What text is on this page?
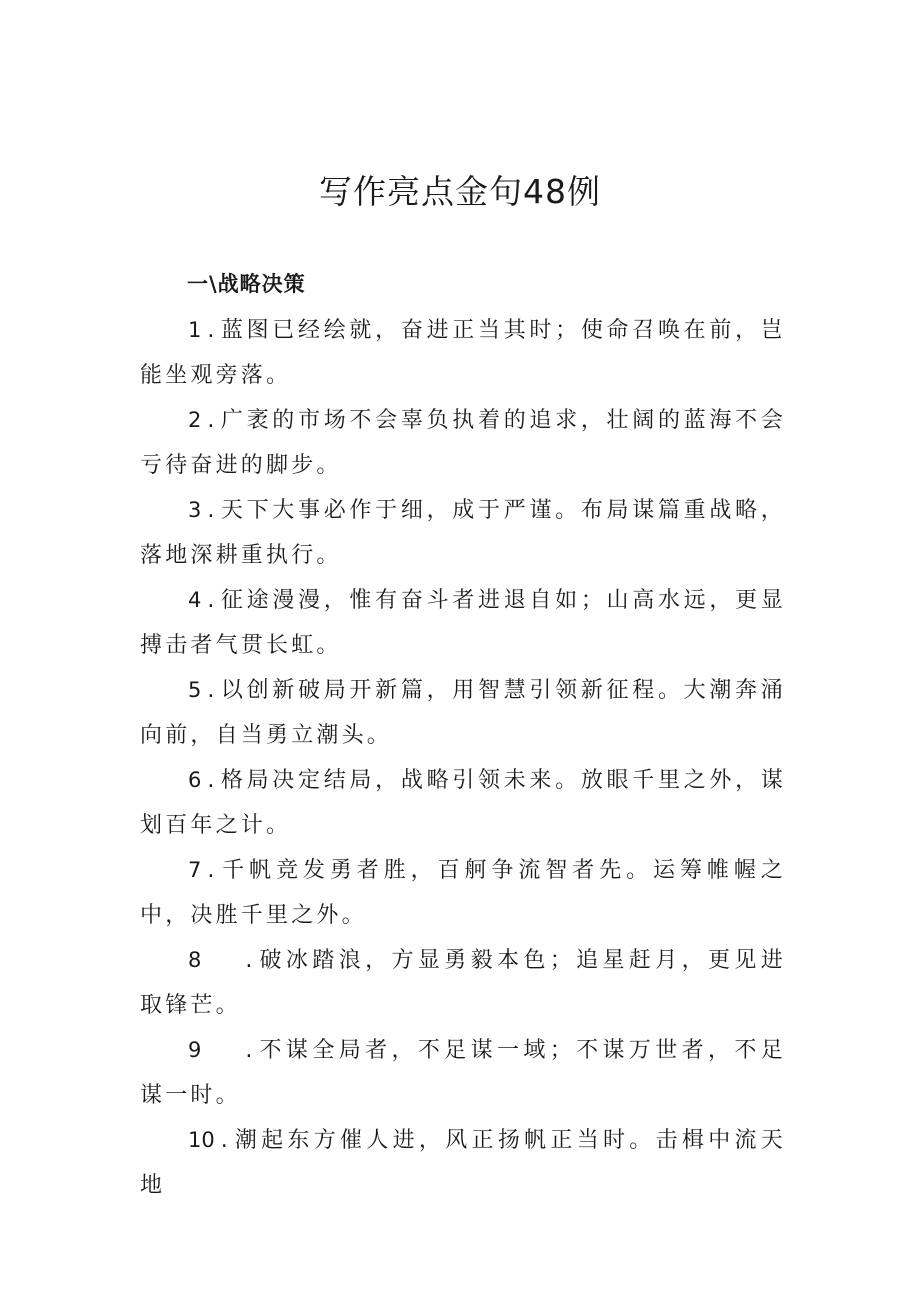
写作亮点金句48例
一\战略决策

1 . 蓝图已经绘就，奋进正当其时；使命召唤在前，岂能坐观旁落。

2 . 广袤的市场不会辜负执着的追求，壮阔的蓝海不会亏待奋进的脚步。

3 . 天下大事必作于细，成于严谨。布局谋篇重战略，落地深耕重执行。

4 . 征途漫漫，惟有奋斗者进退自如；山高水远，更显搏击者气贯长虹。

5 . 以创新破局开新篇，用智慧引领新征程。大潮奔涌向前，自当勇立潮头。

6 . 格局决定结局，战略引领未来。放眼千里之外，谋划百年之计。

7 . 千帆竞发勇者胜，百舸争流智者先。运筹帷幄之中，决胜千里之外。

8 . 破冰踏浪，方显勇毅本色；追星赶月，更见进取锋芒。

9 . 不谋全局者，不足谋一域；不谋万世者，不足谋一时。

10 . 潮起东方催人进，风正扬帆正当时。击楫中流天地
